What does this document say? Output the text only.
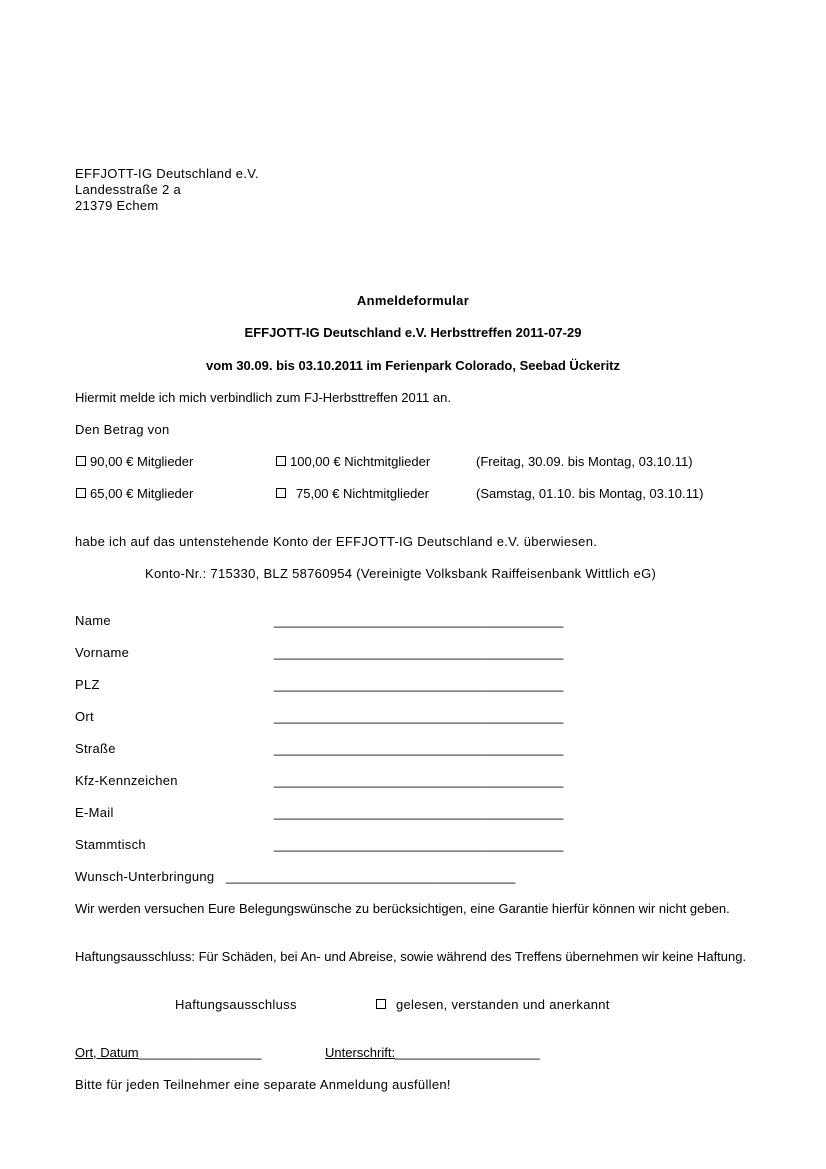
EFFJOTT-IG Deutschland e.V.
Landesstraße 2 a
21379 Echem
Anmeldeformular
EFFJOTT-IG Deutschland e.V. Herbsttreffen 2011-07-29
vom 30.09. bis 03.10.2011 im Ferienpark Colorado, Seebad Ückeritz
Hiermit melde ich mich verbindlich zum FJ-Herbsttreffen 2011 an.
Den Betrag von
90,00 € Mitglieder	100,00 € Nichtmitglieder	(Freitag, 30.09. bis Montag, 03.10.11)
65,00 € Mitglieder	75,00 € Nichtmitglieder	(Samstag, 01.10. bis Montag, 03.10.11)
habe ich auf das untenstehende Konto der EFFJOTT-IG Deutschland e.V. überwiesen.
Konto-Nr.: 715330, BLZ 58760954 (Vereinigte Volksbank Raiffeisenbank Wittlich eG)
Name	________________________________________
Vorname	________________________________________
PLZ	________________________________________
Ort	________________________________________
Straße	________________________________________
Kfz-Kennzeichen	________________________________________
E-Mail	________________________________________
Stammtisch	________________________________________
Wunsch-Unterbringung ________________________________________
Wir werden versuchen Eure Belegungswünsche zu berücksichtigen, eine Garantie hierfür können wir nicht geben.
Haftungsausschluss: Für Schäden, bei An- und Abreise, sowie während des Treffens übernehmen wir keine Haftung.
Haftungsausschluss	gelesen, verstanden und anerkannt
Ort, Datum_________________	Unterschrift:____________________
Bitte für jeden Teilnehmer eine separate Anmeldung ausfüllen!
